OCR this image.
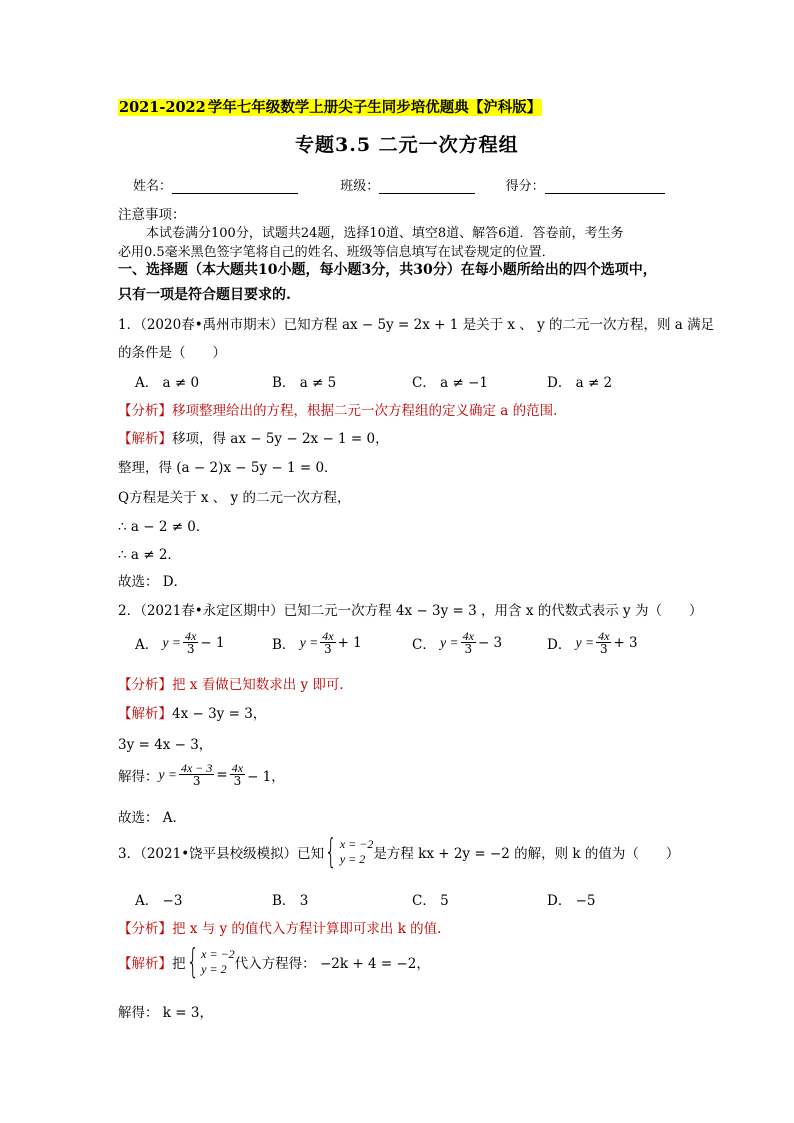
2021-2022 学年七年级数学上册尖子生同步培优题典【沪科版】
专题3.5 二元一次方程组
姓名：	班级：	得分：
注意事项：
本试卷满分100分，试题共24题，选择10道、填空8道、解答6道．答卷前，考生务
必用0.5毫米黑色签字笔将自己的姓名、班级等信息填写在试卷规定的位置．
一、选择题（本大题共10小题，每小题3分，共30分）在每小题所给出的四个选项中，
只有一项是符合题目要求的.
1．（2020春•禹州市期末）已知方程 ax − 5y = 2x + 1 是关于 x 、 y 的二元一次方程，则 a 满足
的条件是（　　）
A． a ≠ 0	B． a ≠ 5	C． a ≠ −1	D． a ≠ 2
【分析】移项整理给出的方程，根据二元一次方程组的定义确定 a 的范围.
【解析】移项，得 ax − 5y − 2x − 1 = 0，
整理，得 (a − 2)x − 5y − 1 = 0．
Q方程是关于 x 、 y 的二元一次方程，
∴ a − 2 ≠ 0．
∴ a ≠ 2．
故选： D．
2．（2021春•永定区期中）已知二元一次方程 4x − 3y = 3 ，用含 x 的代数式表示 y 为（　　）
A．
$y = \frac{4x}{3} - 1$	B．
$y = \frac{4x}{3} + 1$	C．
$y = \frac{4x}{3} - 3$	D．
$y = \frac{4x}{3} + 3$
【分析】把 x 看做已知数求出 y 即可.
【解析】4x − 3y = 3，
3y = 4x − 3，
解得： $y = \frac{4x - 3}{3} = \frac{4x}{3} - 1$，
故选： A．
3．（2021•饶平县校级模拟）已知 { x = −2
y = 2 是方程 kx + 2y = −2 的解，则 k 的值为（　　）
A． −3	B． 3	C． 5	D． −5
【分析】把 x 与 y 的值代入方程计算即可求出 k 的值.
【解析】 把 { x = −2
y = 2 代入方程得： −2k + 4 = −2，
解得： k = 3，
